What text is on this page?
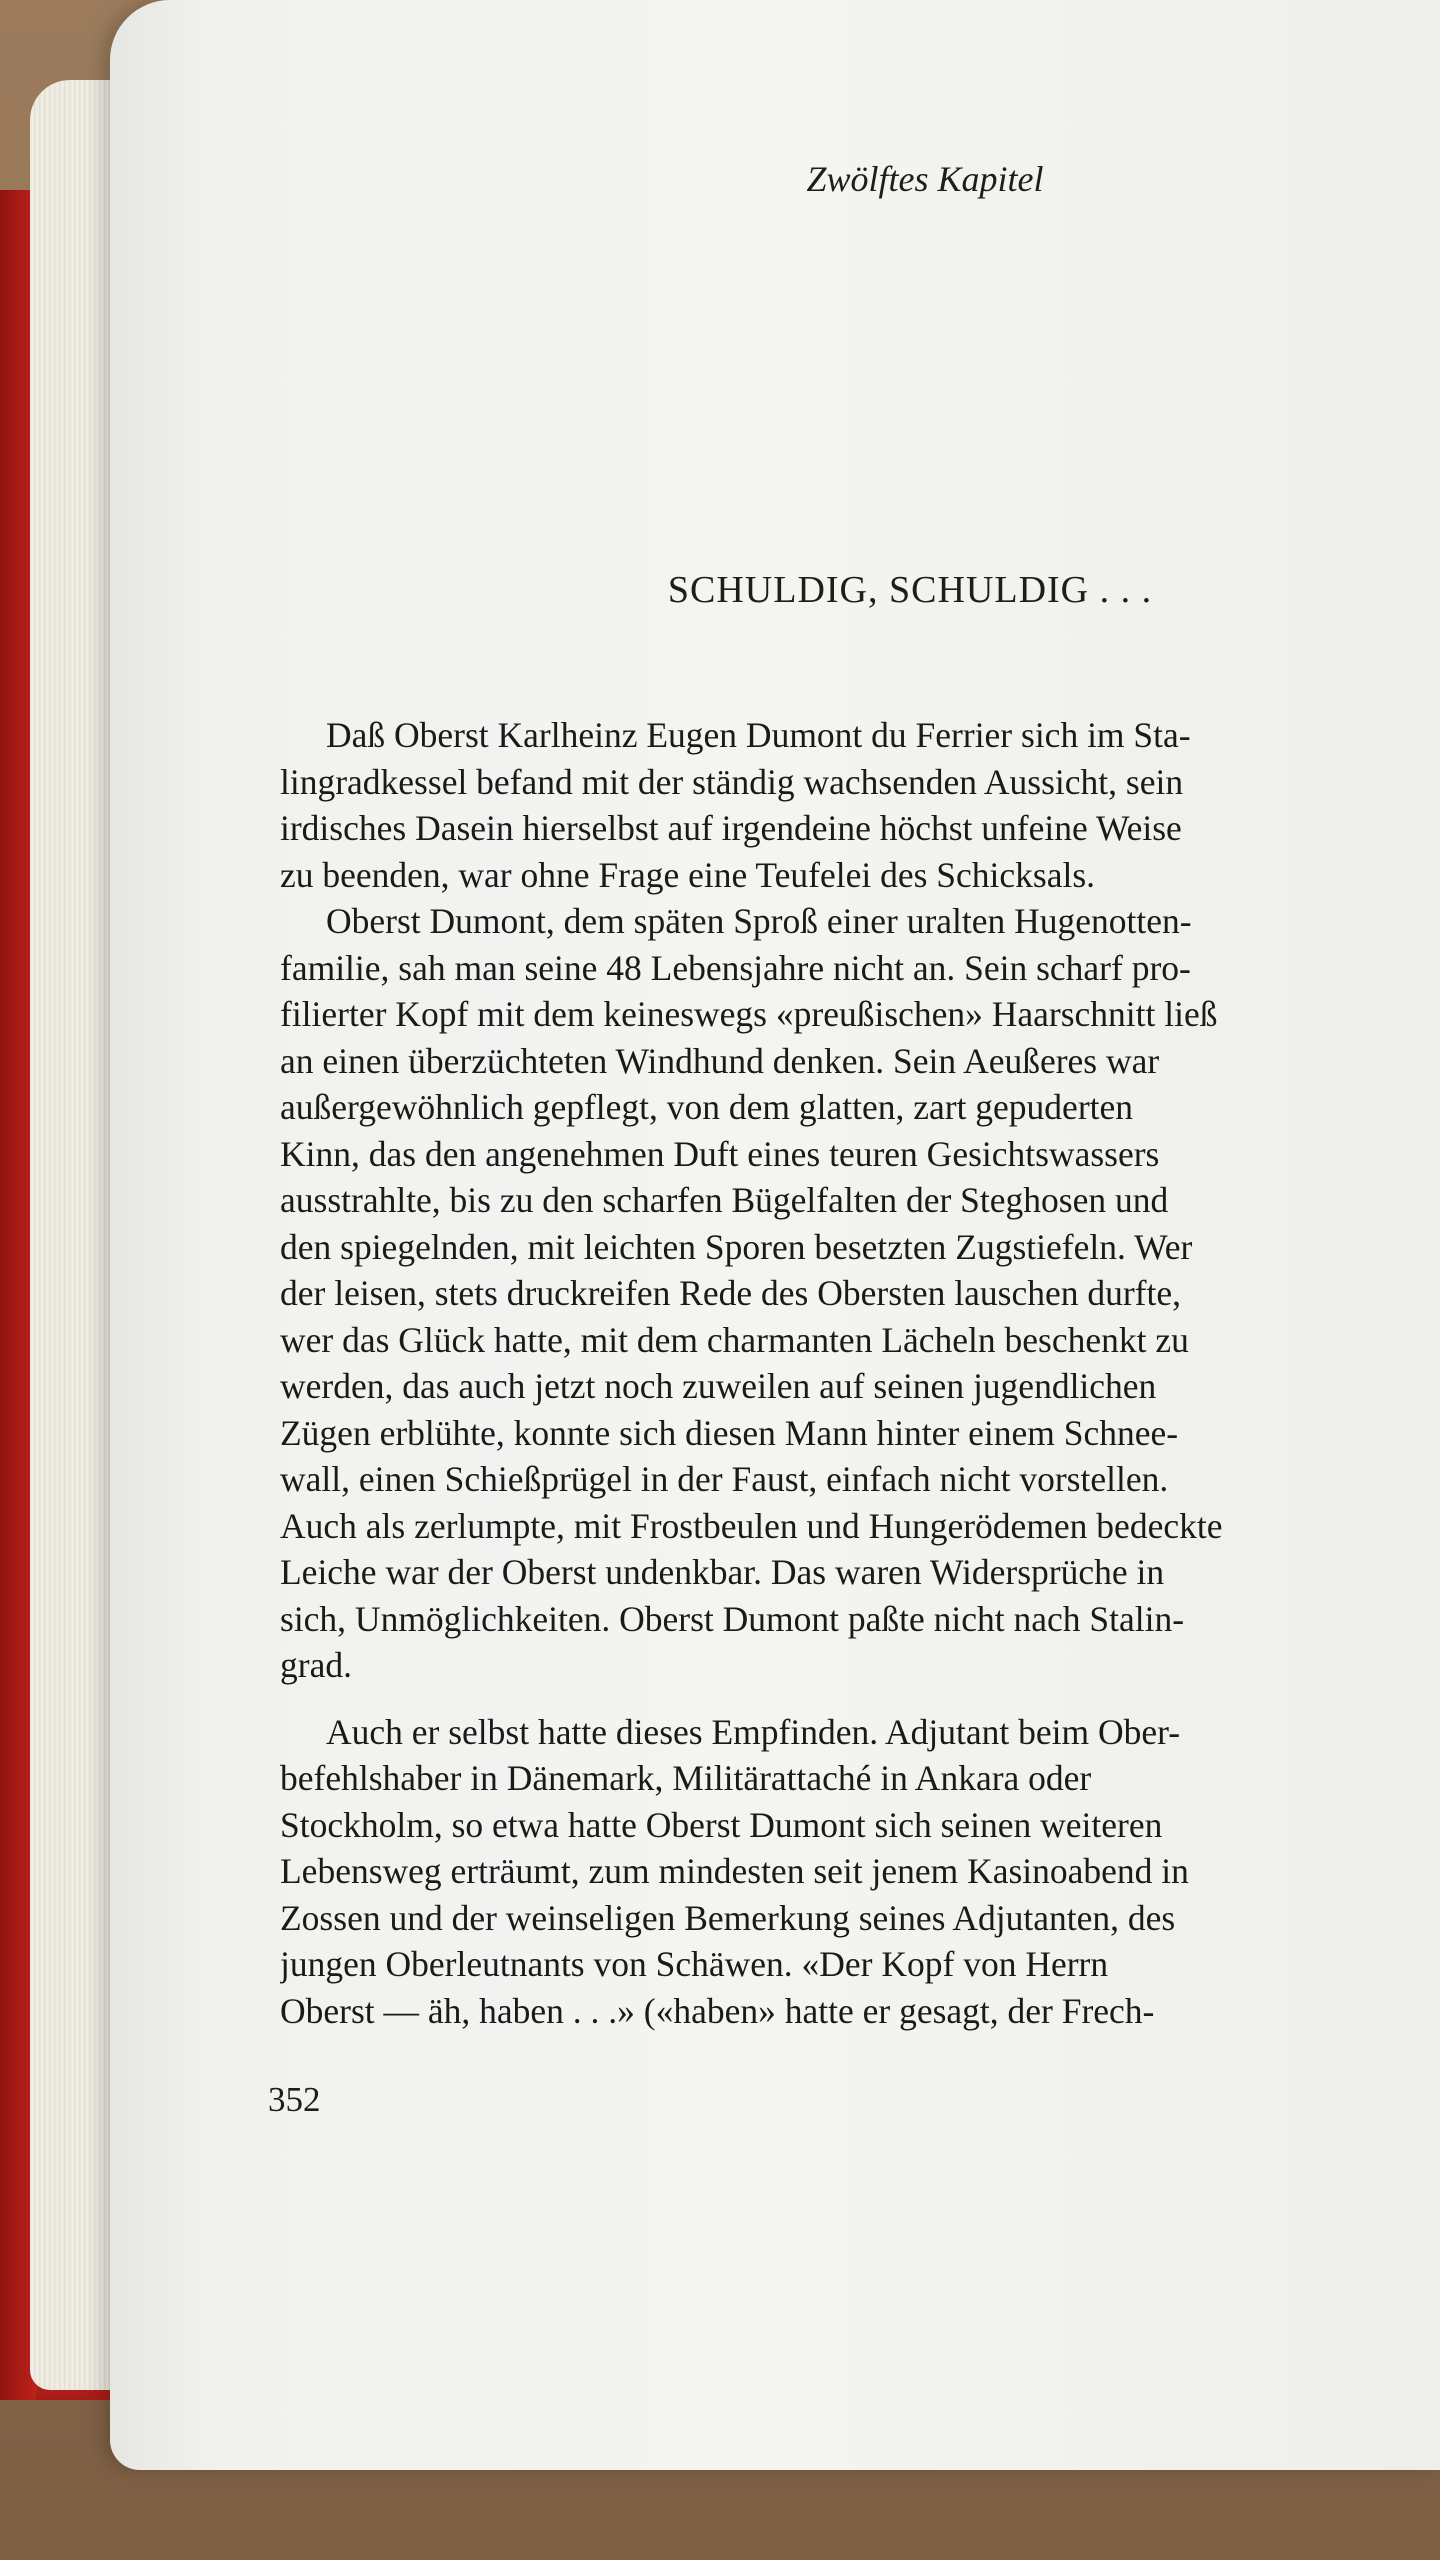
Zwölftes Kapitel
SCHULDIG, SCHULDIG . . .
Daß Oberst Karlheinz Eugen Dumont du Ferrier sich im Sta-
lingradkessel befand mit der ständig wachsenden Aussicht, sein
irdisches Dasein hierselbst auf irgendeine höchst unfeine Weise
zu beenden, war ohne Frage eine Teufelei des Schicksals.
Oberst Dumont, dem späten Sproß einer uralten Hugenotten-
familie, sah man seine 48 Lebensjahre nicht an. Sein scharf pro-
filierter Kopf mit dem keineswegs «preußischen» Haarschnitt ließ
an einen überzüchteten Windhund denken. Sein Aeußeres war
außergewöhnlich gepflegt, von dem glatten, zart gepuderten
Kinn, das den angenehmen Duft eines teuren Gesichtswassers
ausstrahlte, bis zu den scharfen Bügelfalten der Steghosen und
den spiegelnden, mit leichten Sporen besetzten Zugstiefeln. Wer
der leisen, stets druckreifen Rede des Obersten lauschen durfte,
wer das Glück hatte, mit dem charmanten Lächeln beschenkt zu
werden, das auch jetzt noch zuweilen auf seinen jugendlichen
Zügen erblühte, konnte sich diesen Mann hinter einem Schnee-
wall, einen Schießprügel in der Faust, einfach nicht vorstellen.
Auch als zerlumpte, mit Frostbeulen und Hungerödemen bedeckte
Leiche war der Oberst undenkbar. Das waren Widersprüche in
sich, Unmöglichkeiten. Oberst Dumont paßte nicht nach Stalin-
grad.
Auch er selbst hatte dieses Empfinden. Adjutant beim Ober-
befehlshaber in Dänemark, Militärattaché in Ankara oder
Stockholm, so etwa hatte Oberst Dumont sich seinen weiteren
Lebensweg erträumt, zum mindesten seit jenem Kasinoabend in
Zossen und der weinseligen Bemerkung seines Adjutanten, des
jungen Oberleutnants von Schäwen. «Der Kopf von Herrn
Oberst — äh, haben . . .» («haben» hatte er gesagt, der Frech-
352
